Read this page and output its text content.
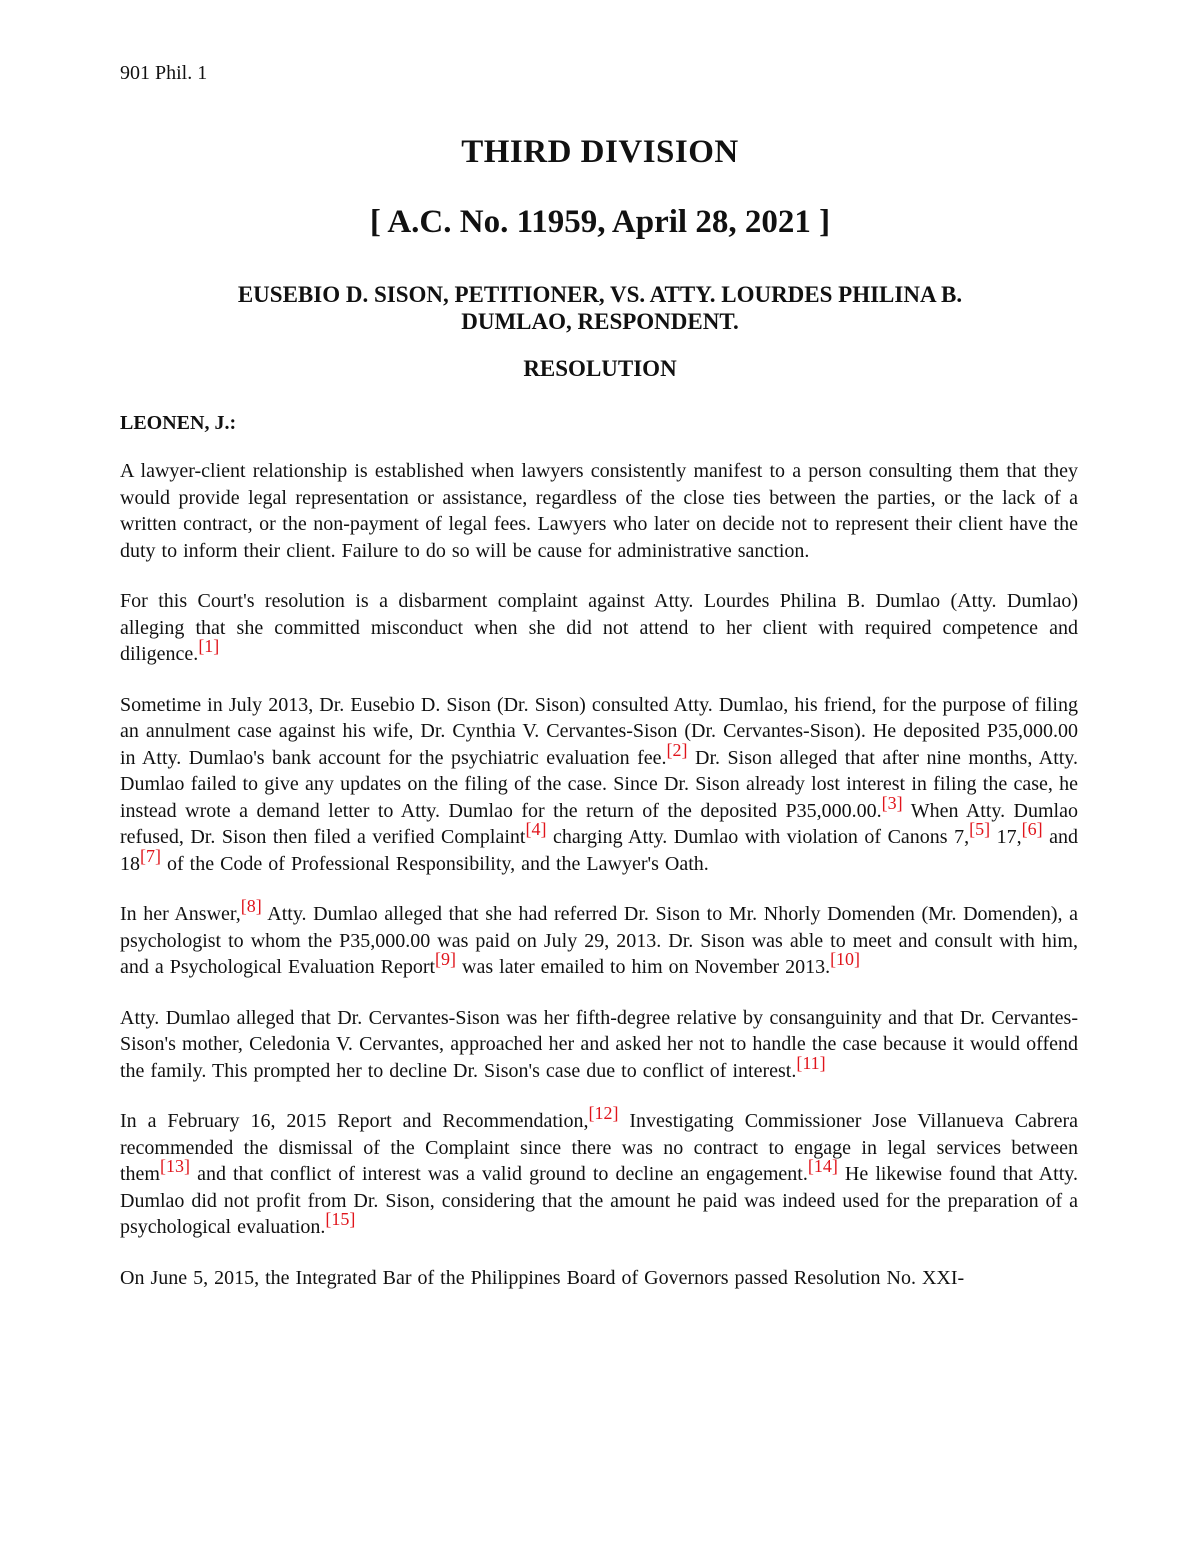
901 Phil. 1
THIRD DIVISION
[ A.C. No. 11959, April 28, 2021 ]
EUSEBIO D. SISON, PETITIONER, VS. ATTY. LOURDES PHILINA B.
DUMLAO, RESPONDENT.
RESOLUTION
LEONEN, J.:

A lawyer-client relationship is established when lawyers consistently manifest to a person consulting them that they would provide legal representation or assistance, regardless of the close ties between the parties, or the lack of a written contract, or the non-payment of legal fees. Lawyers who later on decide not to represent their client have the duty to inform their client. Failure to do so will be cause for administrative sanction.

For this Court's resolution is a disbarment complaint against Atty. Lourdes Philina B. Dumlao (Atty. Dumlao) alleging that she committed misconduct when she did not attend to her client with required competence and diligence.[1]

Sometime in July 2013, Dr. Eusebio D. Sison (Dr. Sison) consulted Atty. Dumlao, his friend, for the purpose of filing an annulment case against his wife, Dr. Cynthia V. Cervantes-Sison (Dr. Cervantes-Sison). He deposited P35,000.00 in Atty. Dumlao's bank account for the psychiatric evaluation fee.[2] Dr. Sison alleged that after nine months, Atty. Dumlao failed to give any updates on the filing of the case. Since Dr. Sison already lost interest in filing the case, he instead wrote a demand letter to Atty. Dumlao for the return of the deposited P35,000.00.[3] When Atty. Dumlao refused, Dr. Sison then filed a verified Complaint[4] charging Atty. Dumlao with violation of Canons 7,[5] 17,[6] and 18[7] of the Code of Professional Responsibility, and the Lawyer's Oath.

In her Answer,[8] Atty. Dumlao alleged that she had referred Dr. Sison to Mr. Nhorly Domenden (Mr. Domenden), a psychologist to whom the P35,000.00 was paid on July 29, 2013. Dr. Sison was able to meet and consult with him, and a Psychological Evaluation Report[9] was later emailed to him on November 2013.[10]

Atty. Dumlao alleged that Dr. Cervantes-Sison was her fifth-degree relative by consanguinity and that Dr. Cervantes-Sison's mother, Celedonia V. Cervantes, approached her and asked her not to handle the case because it would offend the family. This prompted her to decline Dr. Sison's case due to conflict of interest.[11]

In a February 16, 2015 Report and Recommendation,[12] Investigating Commissioner Jose Villanueva Cabrera recommended the dismissal of the Complaint since there was no contract to engage in legal services between them[13] and that conflict of interest was a valid ground to decline an engagement.[14] He likewise found that Atty. Dumlao did not profit from Dr. Sison, considering that the amount he paid was indeed used for the preparation of a psychological evaluation.[15]

On June 5, 2015, the Integrated Bar of the Philippines Board of Governors passed Resolution No. XXI-
